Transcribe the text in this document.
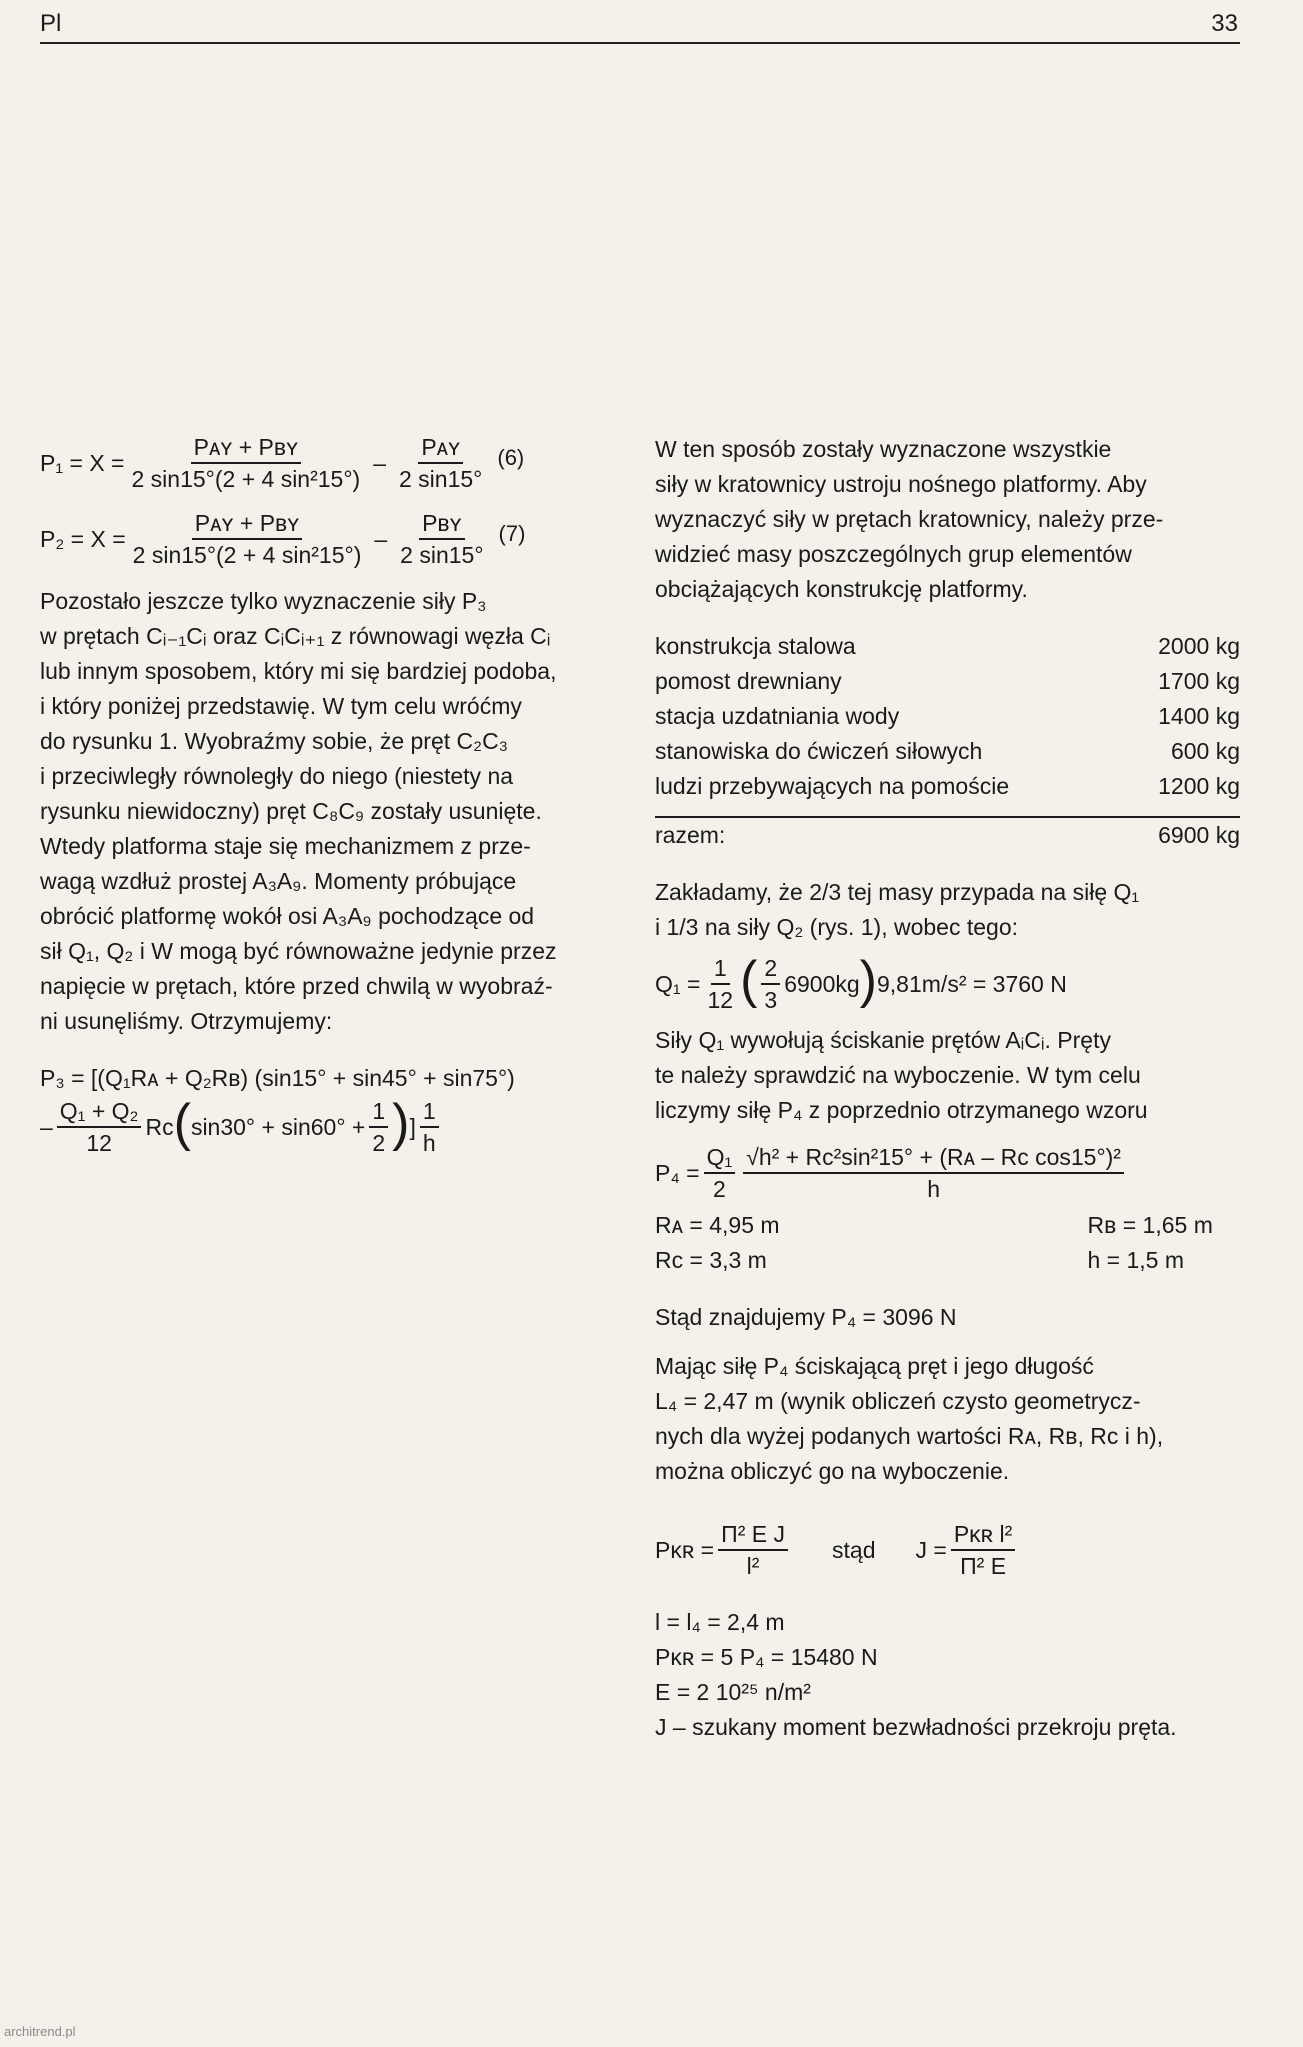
Pl	33
$P_1 = X = \frac{\text{Pᴀʏ + Pʙʏ}}{\text{2 sin15°(2 + 4 sin²15°)}} - \frac{\text{Pᴀʏ}}{2 \sin 15^\circ} (6)$
$P_2 = X = \frac{\text{Pᴀʏ + Pʙʏ}}{\text{2 sin15°(2 + 4 sin²15°)}} - \frac{\text{Pʙʏ}}{2 \sin 15^\circ} (7)$
Pozostało jeszcze tylko wyznaczenie siły P₃
w prętach Cᵢ₋₁Cᵢ oraz CᵢCᵢ₊₁ z równowagi węzła Cᵢ
lub innym sposobem, który mi się bardziej podoba,
i który poniżej przedstawię. W tym celu wróćmy
do rysunku 1. Wyobraźmy sobie, że pręt C₂C₃
i przeciwległy równoległy do niego (niestety na
rysunku niewidoczny) pręt C₈C₉ zostały usunięte.
Wtedy platforma staje się mechanizmem z prze-
wagą wzdłuż prostej A₃A₉. Momenty próbujące
obrócić platformę wokół osi A₃A₉ pochodzące od
sił Q₁, Q₂ i W mogą być równoważne jedynie przez
napięcie w prętach, które przed chwilą w wyobraź-
ni usunęliśmy. Otrzymujemy:
P₃ = [(Q₁Rᴀ + Q₂Rʙ) (sin15° + sin45° + sin75°)
– $\frac{\text{Q₁ + Q₂}}{12}$ Rᴄ ( $\sin 30^\circ + \sin 60^\circ + \frac{1}{2}$ ) ] $\frac{1}{h}$
W ten sposób zostały wyznaczone wszystkie
siły w kratownicy ustroju nośnego platformy. Aby
wyznaczyć siły w prętach kratownicy, należy prze-
widzieć masy poszczególnych grup elementów
obciążających konstrukcję platformy.
konstrukcja stalowa	2000 kg
pomost drewniany	1700 kg
stacja uzdatniania wody	1400 kg
stanowiska do ćwiczeń siłowych	600 kg
ludzi przebywających na pomoście	1200 kg

razem:	6900 kg
Zakładamy, że 2/3 tej masy przypada na siłę Q₁
i 1/3 na siły Q₂ (rys. 1), wobec tego:
$Q_1 = \frac{1}{12}$ ( $\frac{2}{3} 6900kg$ ) 9,81m/s² = 3760 N
Siły Q₁ wywołują ściskanie prętów AᵢCᵢ. Pręty
te należy sprawdzić na wyboczenie. W tym celu
liczymy siłę P₄ z poprzednio otrzymanego wzoru
$P_4 = \frac{\text{Q₁}}{2} \frac{\text{√h² + Rᴄ²sin²15° + (Rᴀ – Rᴄ cos15°)²}}{h}$
Rᴀ = 4,95 m	Rʙ = 1,65 m
Rᴄ = 3,3 m	h = 1,5 m
Stąd znajdujemy P₄ = 3096 N
Mając siłę P₄ ściskającą pręt i jego długość
L₄ = 2,47 m (wynik obliczeń czysto geometrycz-
nych dla wyżej podanych wartości Rᴀ, Rʙ, Rᴄ i h),
można obliczyć go na wyboczenie.
Pᴋʀ = $\frac{\text{Π² E J}}{\text{l²}}$ stąd $J = \frac{\text{Pᴋʀ l²}}{\text{Π² E}}$
l = l₄ = 2,4 m
Pᴋʀ = 5 P₄ = 15480 N
E = 2 10²⁵ n/m²
J – szukany moment bezwładności przekroju pręta.
architrend.pl
